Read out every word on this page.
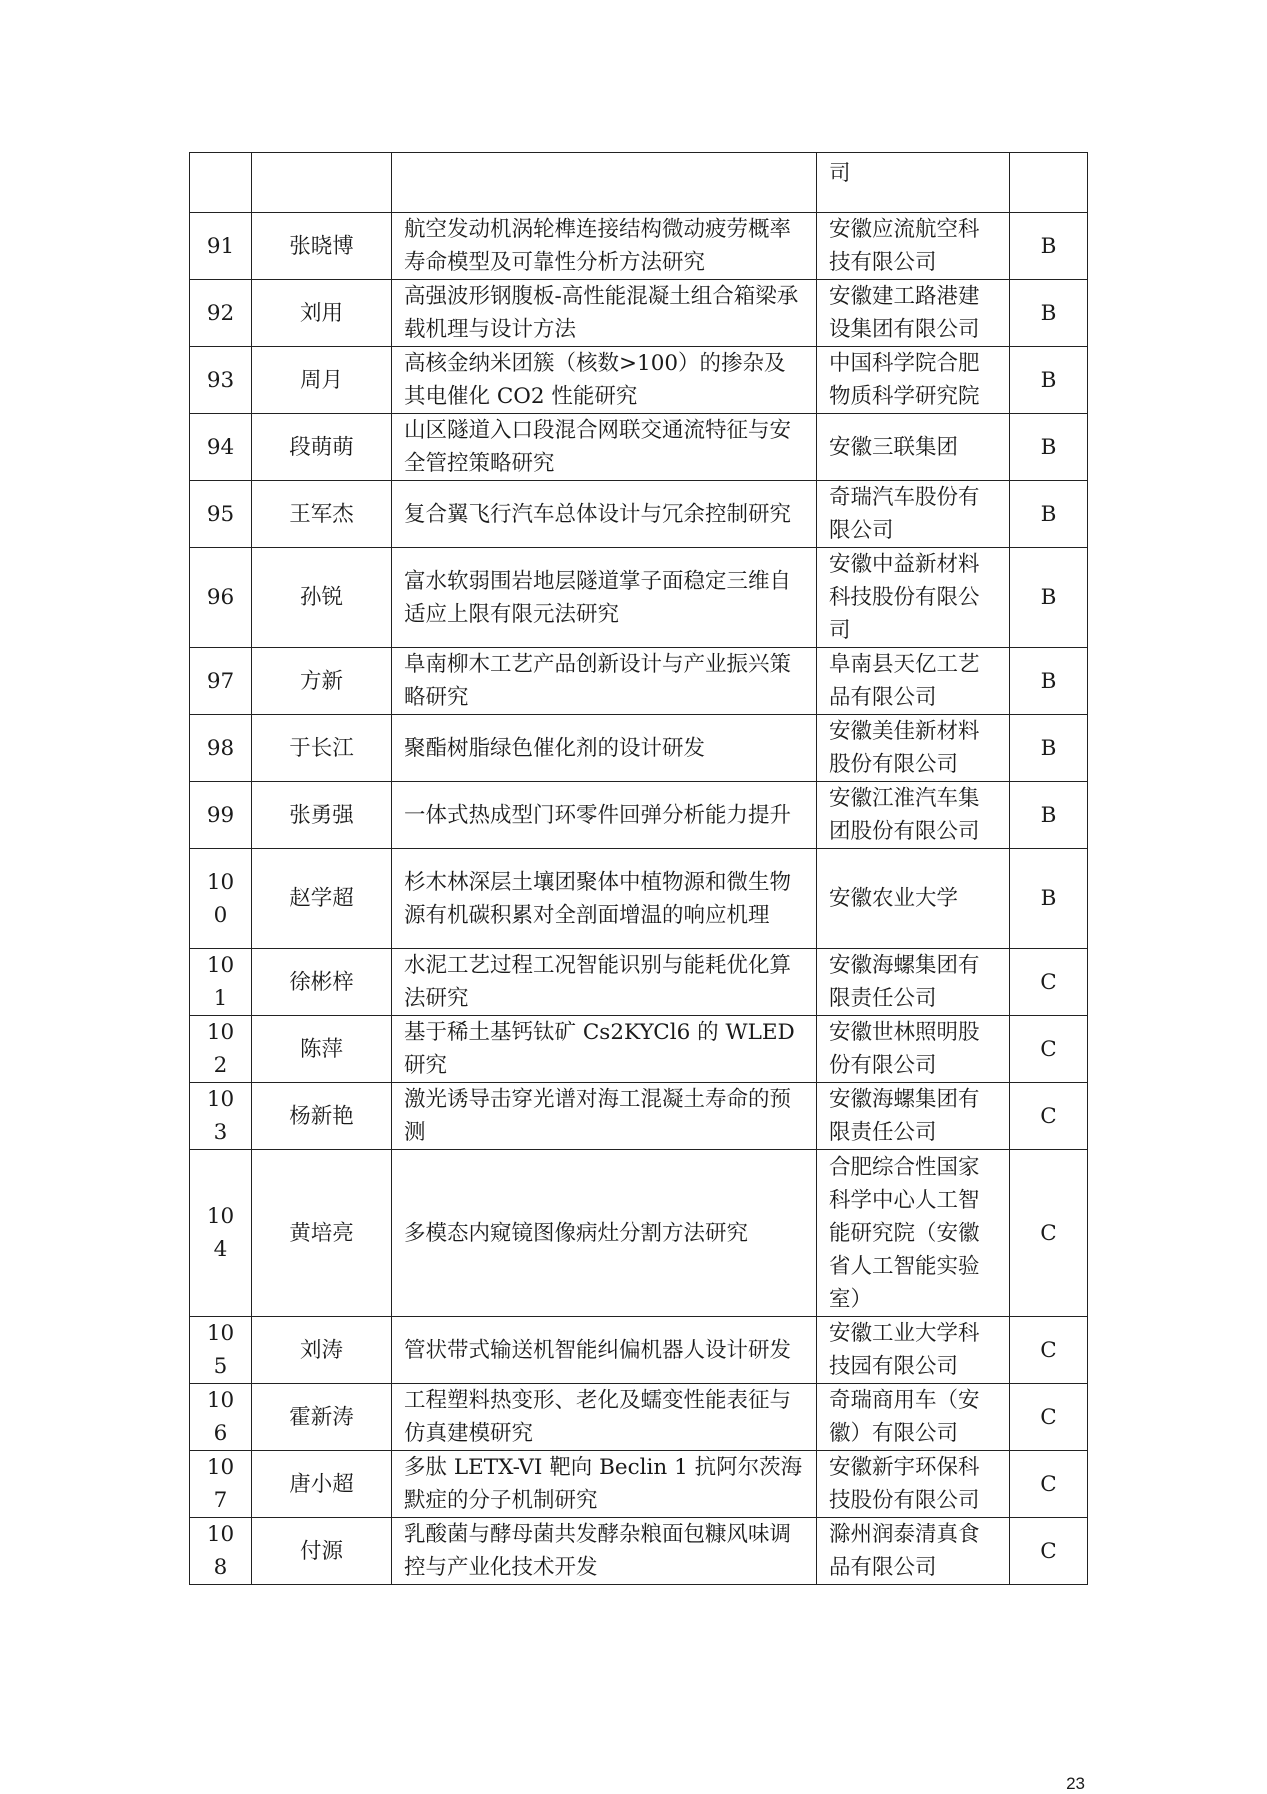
			司	
91	张晓博	航空发动机涡轮榫连接结构微动疲劳概率寿命模型及可靠性分析方法研究	安徽应流航空科技有限公司	B
92	刘用	高强波形钢腹板-高性能混凝土组合箱梁承载机理与设计方法	安徽建工路港建设集团有限公司	B
93	周月	高核金纳米团簇（核数>100）的掺杂及其电催化 CO2 性能研究	中国科学院合肥物质科学研究院	B
94	段萌萌	山区隧道入口段混合网联交通流特征与安全管控策略研究	安徽三联集团	B
95	王军杰	复合翼飞行汽车总体设计与冗余控制研究	奇瑞汽车股份有限公司	B
96	孙锐	富水软弱围岩地层隧道掌子面稳定三维自适应上限有限元法研究	安徽中益新材料科技股份有限公司	B
97	方新	阜南柳木工艺产品创新设计与产业振兴策略研究	阜南县天亿工艺品有限公司	B
98	于长江	聚酯树脂绿色催化剂的设计研发	安徽美佳新材料股份有限公司	B
99	张勇强	一体式热成型门环零件回弹分析能力提升	安徽江淮汽车集团股份有限公司	B
100	赵学超	杉木林深层土壤团聚体中植物源和微生物源有机碳积累对全剖面增温的响应机理	安徽农业大学	B
101	徐彬梓	水泥工艺过程工况智能识别与能耗优化算法研究	安徽海螺集团有限责任公司	C
102	陈萍	基于稀土基钙钛矿 Cs2KYCl6 的 WLED 研究	安徽世林照明股份有限公司	C
103	杨新艳	激光诱导击穿光谱对海工混凝土寿命的预测	安徽海螺集团有限责任公司	C
104	黄培亮	多模态内窥镜图像病灶分割方法研究	合肥综合性国家科学中心人工智能研究院（安徽省人工智能实验室）	C
105	刘涛	管状带式输送机智能纠偏机器人设计研发	安徽工业大学科技园有限公司	C
106	霍新涛	工程塑料热变形、老化及蠕变性能表征与仿真建模研究	奇瑞商用车（安徽）有限公司	C
107	唐小超	多肽 LETX-VI 靶向 Beclin 1 抗阿尔茨海默症的分子机制研究	安徽新宇环保科技股份有限公司	C
108	付源	乳酸菌与酵母菌共发酵杂粮面包糠风味调控与产业化技术开发	滁州润泰清真食品有限公司	C
23
